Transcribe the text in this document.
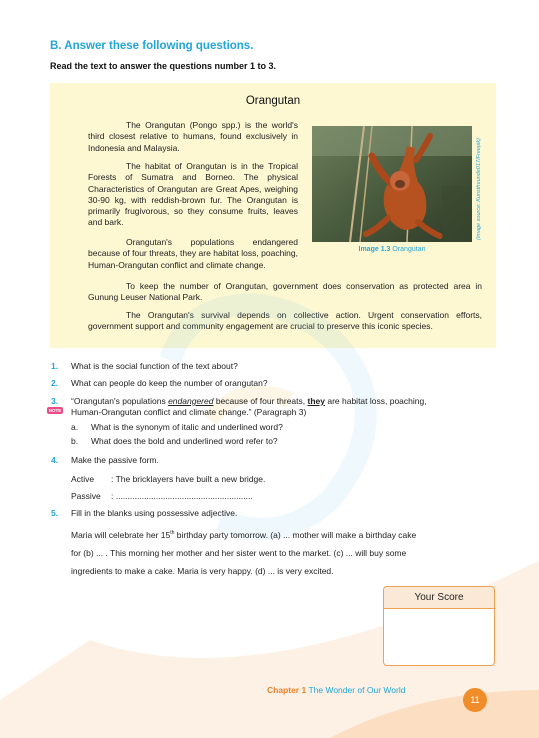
B. Answer these following questions.
Read the text to answer the questions number 1 to 3.
Orangutan
The Orangutan (Pongo spp.) is the world's third closest relative to humans, found exclusively in Indonesia and Malaysia.
The habitat of Orangutan is in the Tropical Forests of Sumatra and Borneo. The physical Characteristics of Orangutan are Great Apes, weighing 30-90 kg, with reddish-brown fur. The Orangutan is primarily frugivorous, so they consume fruits, leaves and bark.
Orangutan's populations endangered because of four threats, they are habitat loss, poaching, Human-Orangutan conflict and climate change.
To keep the number of Orangutan, government does conservation as protected area in Gunung Leuser National Park.
The Orangutan's survival depends on collective action. Urgent conservation efforts, government support and community engagement are crucial to preserve this iconic species.
(Image source: Kunstfreunde017/Freepik)
Image 1.3 Orangutan
1. What is the social function of the text about?
2. What can people do keep the number of orangutan?
3.
NOTE
“Orangutan's populations endangered because of four threats, they are habitat loss, poaching,
Human-Orangutan conflict and climate change.” (Paragraph 3)
a. What is the synonym of italic and underlined word?
b. What does the bold and underlined word refer to?
4. Make the passive form.
Active : The bricklayers have built a new bridge.
Passive : ..........................................................
5. Fill in the blanks using possessive adjective.
Maria will celebrate her 15th birthday party tomorrow. (a) ... mother will make a birthday cake
for (b) ... . This morning her mother and her sister went to the market. (c) ... will buy some
ingredients to make a cake. Maria is very happy. (d) ... is very excited.
Your Score
Chapter 1 The Wonder of Our World
11
